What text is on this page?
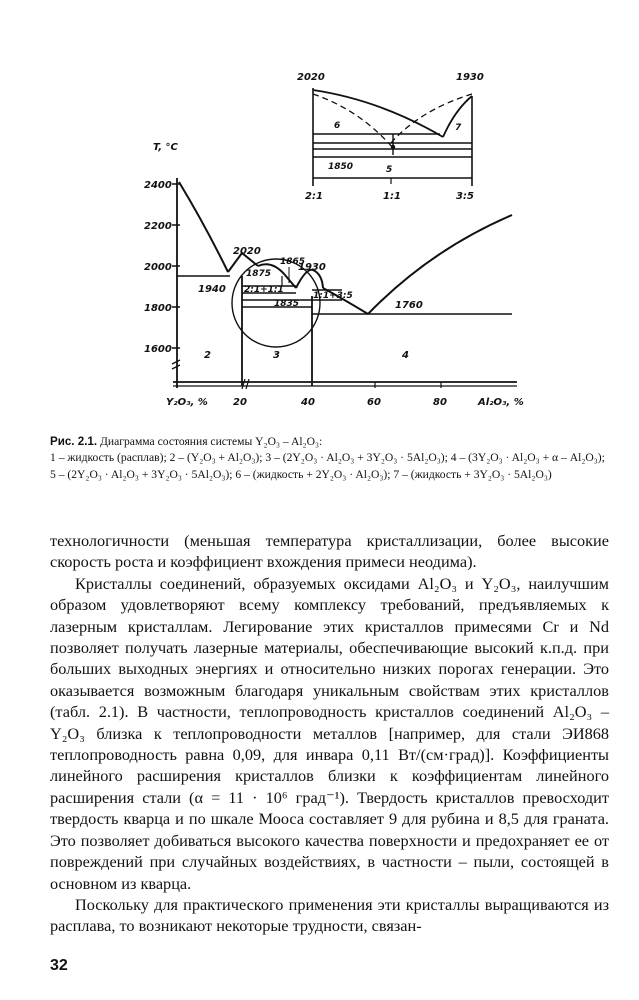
2020	1930
6	7
1850	5
2:1	1:1	3:5
T, °C
2400
2200
2000
1800
1600
Y₂O₃, %	20	40	60	80	Al₂O₃, %
2020
1875
1865
1930
1940 2:1+1:1
1:1+3:5
1835	1760
2	3	4

Рис. 2.1. Диаграмма состояния системы Y₂O₃ – Al₂O₃:

1 – жидкость (расплав); 2 – (Y₂O₃ + Al₂O₃); 3 – (2Y₂O₃ · Al₂O₃ + 3Y₂O₃ · 5Al₂O₃); 4 – (3Y₂O₃ · Al₂O₃ + α – Al₂O₃); 5 – (2Y₂O₃ · Al₂O₃ + 3Y₂O₃ · 5Al₂O₃); 6 – (жидкость + 2Y₂O₃ · Al₂O₃); 7 – (жидкость + 3Y₂O₃ · 5Al₂O₃)

технологичности (меньшая температура кристаллизации, более высокие скорость роста и коэффициент вхождения примеси неодима).

Кристаллы соединений, образуемых оксидами Al₂O₃ и Y₂O₃, наилучшим образом удовлетворяют всему комплексу требований, предъявляемых к лазерным кристаллам. Легирование этих кристаллов примесями Cr и Nd позволяет получать лазерные материалы, обеспечивающие высокий к.п.д. при больших выходных энергиях и относительно низких порогах генерации. Это оказывается возможным благодаря уникальным свойствам этих кристаллов (табл. 2.1). В частности, теплопроводность кристаллов соединений Al₂O₃ – Y₂O₃ близка к теплопроводности металлов [например, для стали ЭИ868 теплопроводность равна 0,09, для инвара 0,11 Вт/(см·град)]. Коэффициенты линейного расширения кристаллов близки к коэффициентам линейного расширения стали (α = 11 · 10⁶ град⁻¹). Твердость кристаллов превосходит твердость кварца и по шкале Мооса составляет 9 для рубина и 8,5 для граната. Это позволяет добиваться высокого качества поверхности и предохраняет ее от повреждений при случайных воздействиях, в частности – пыли, состоящей в основном из кварца.

Поскольку для практического применения эти кристаллы выращиваются из расплава, то возникают некоторые трудности, связан-

32
